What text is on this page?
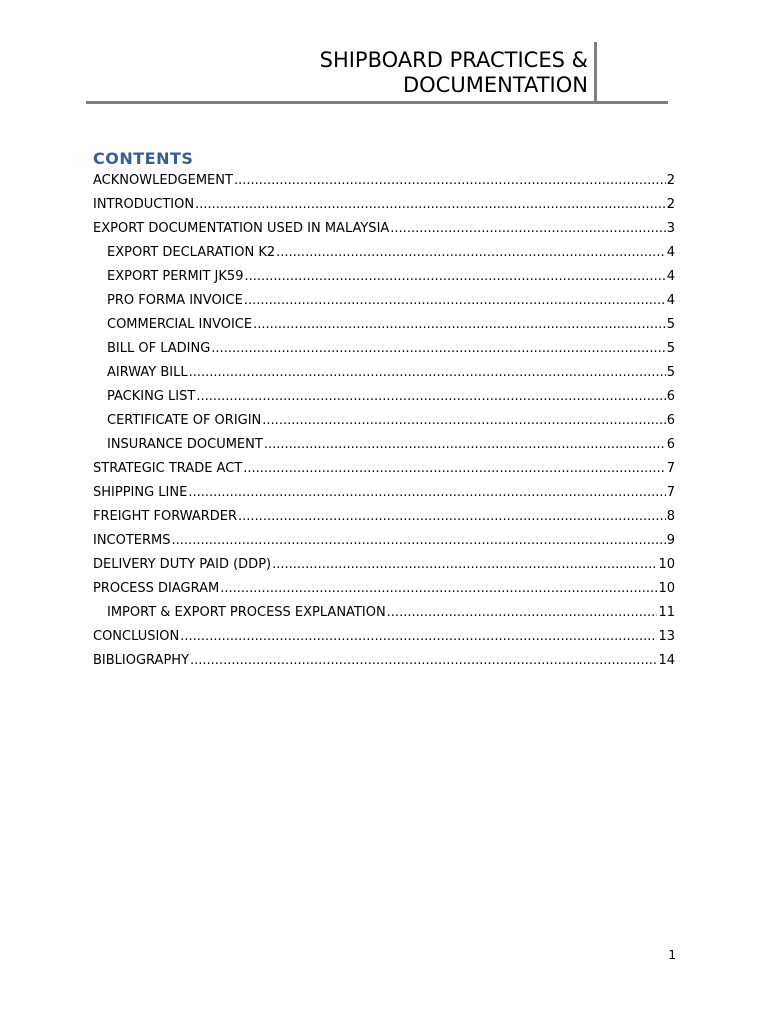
SHIPBOARD PRACTICES &
DOCUMENTATION
CONTENTS
ACKNOWLEDGEMENT .....	2
INTRODUCTION .....	2
EXPORT DOCUMENTATION USED IN MALAYSIA .....	3
EXPORT DECLARATION K2 .....	4
EXPORT PERMIT JK59 .....	4
PRO FORMA INVOICE .....	4
COMMERCIAL INVOICE .....	5
BILL OF LADING .....	5
AIRWAY BILL .....	5
PACKING LIST .....	6
CERTIFICATE OF ORIGIN .....	6
INSURANCE DOCUMENT .....	6
STRATEGIC TRADE ACT .....	7
SHIPPING LINE .....	7
FREIGHT FORWARDER .....	8
INCOTERMS .....	9
DELIVERY DUTY PAID (DDP) .....	10
PROCESS DIAGRAM .....	10
IMPORT & EXPORT PROCESS EXPLANATION .....	11
CONCLUSION .....	13
BIBLIOGRAPHY .....	14
1
